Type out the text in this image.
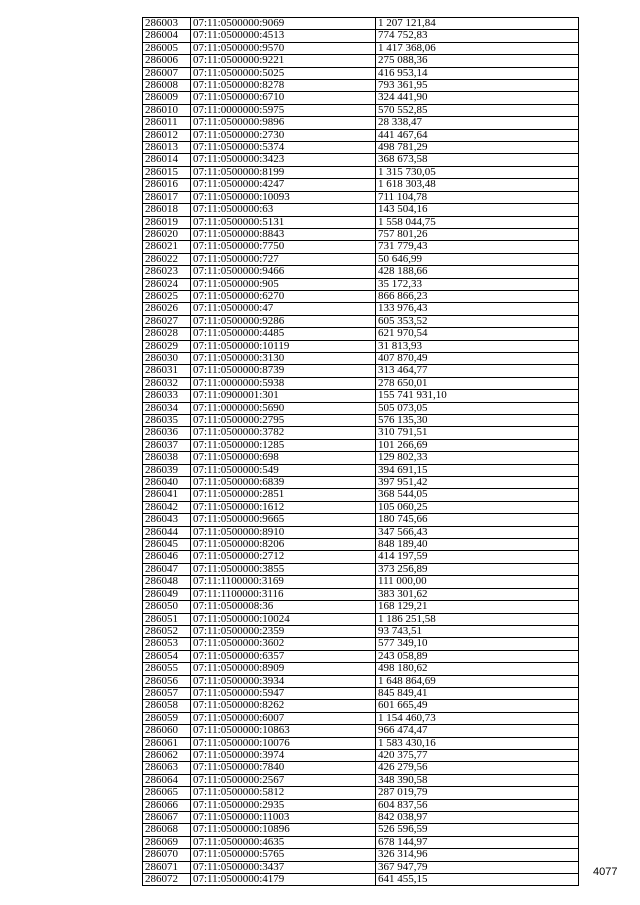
286003	07:11:0500000:9069	1 207 121,84
286004	07:11:0500000:4513	774 752,83
286005	07:11:0500000:9570	1 417 368,06
286006	07:11:0500000:9221	275 088,36
286007	07:11:0500000:5025	416 953,14
286008	07:11:0500000:8278	793 361,95
286009	07:11:0500000:6710	324 441,90
286010	07:11:0000000:5975	570 552,85
286011	07:11:0500000:9896	28 338,47
286012	07:11:0500000:2730	441 467,64
286013	07:11:0500000:5374	498 781,29
286014	07:11:0500000:3423	368 673,58
286015	07:11:0500000:8199	1 315 730,05
286016	07:11:0500000:4247	1 618 303,48
286017	07:11:0500000:10093	711 104,78
286018	07:11:0500000:63	143 504,16
286019	07:11:0500000:5131	1 558 044,75
286020	07:11:0500000:8843	757 801,26
286021	07:11:0500000:7750	731 779,43
286022	07:11:0500000:727	50 646,99
286023	07:11:0500000:9466	428 188,66
286024	07:11:0500000:905	35 172,33
286025	07:11:0500000:6270	866 866,23
286026	07:11:0500000:47	133 976,43
286027	07:11:0500000:9286	605 353,52
286028	07:11:0500000:4485	621 970,54
286029	07:11:0500000:10119	31 813,93
286030	07:11:0500000:3130	407 870,49
286031	07:11:0500000:8739	313 464,77
286032	07:11:0000000:5938	278 650,01
286033	07:11:0900001:301	155 741 931,10
286034	07:11:0000000:5690	505 073,05
286035	07:11:0500000:2795	576 135,30
286036	07:11:0500000:3782	310 791,51
286037	07:11:0500000:1285	101 266,69
286038	07:11:0500000:698	129 802,33
286039	07:11:0500000:549	394 691,15
286040	07:11:0500000:6839	397 951,42
286041	07:11:0500000:2851	368 544,05
286042	07:11:0500000:1612	105 060,25
286043	07:11:0500000:9665	180 745,66
286044	07:11:0500000:8910	347 566,43
286045	07:11:0500000:8206	848 189,40
286046	07:11:0500000:2712	414 197,59
286047	07:11:0500000:3855	373 256,89
286048	07:11:1100000:3169	111 000,00
286049	07:11:1100000:3116	383 301,62
286050	07:11:0500008:36	168 129,21
286051	07:11:0500000:10024	1 186 251,58
286052	07:11:0500000:2359	93 743,51
286053	07:11:0500000:3602	577 349,10
286054	07:11:0500000:6357	243 058,89
286055	07:11:0500000:8909	498 180,62
286056	07:11:0500000:3934	1 648 864,69
286057	07:11:0500000:5947	845 849,41
286058	07:11:0500000:8262	601 665,49
286059	07:11:0500000:6007	1 154 460,73
286060	07:11:0500000:10863	966 474,47
286061	07:11:0500000:10076	1 583 430,16
286062	07:11:0500000:3974	420 375,77
286063	07:11:0500000:7840	426 279,56
286064	07:11:0500000:2567	348 390,58
286065	07:11:0500000:5812	287 019,79
286066	07:11:0500000:2935	604 837,56
286067	07:11:0500000:11003	842 038,97
286068	07:11:0500000:10896	526 596,59
286069	07:11:0500000:4635	678 144,97
286070	07:11:0500000:5765	326 314,96
286071	07:11:0500000:3437	367 947,79
286072	07:11:0500000:4179	641 455,15
4077
